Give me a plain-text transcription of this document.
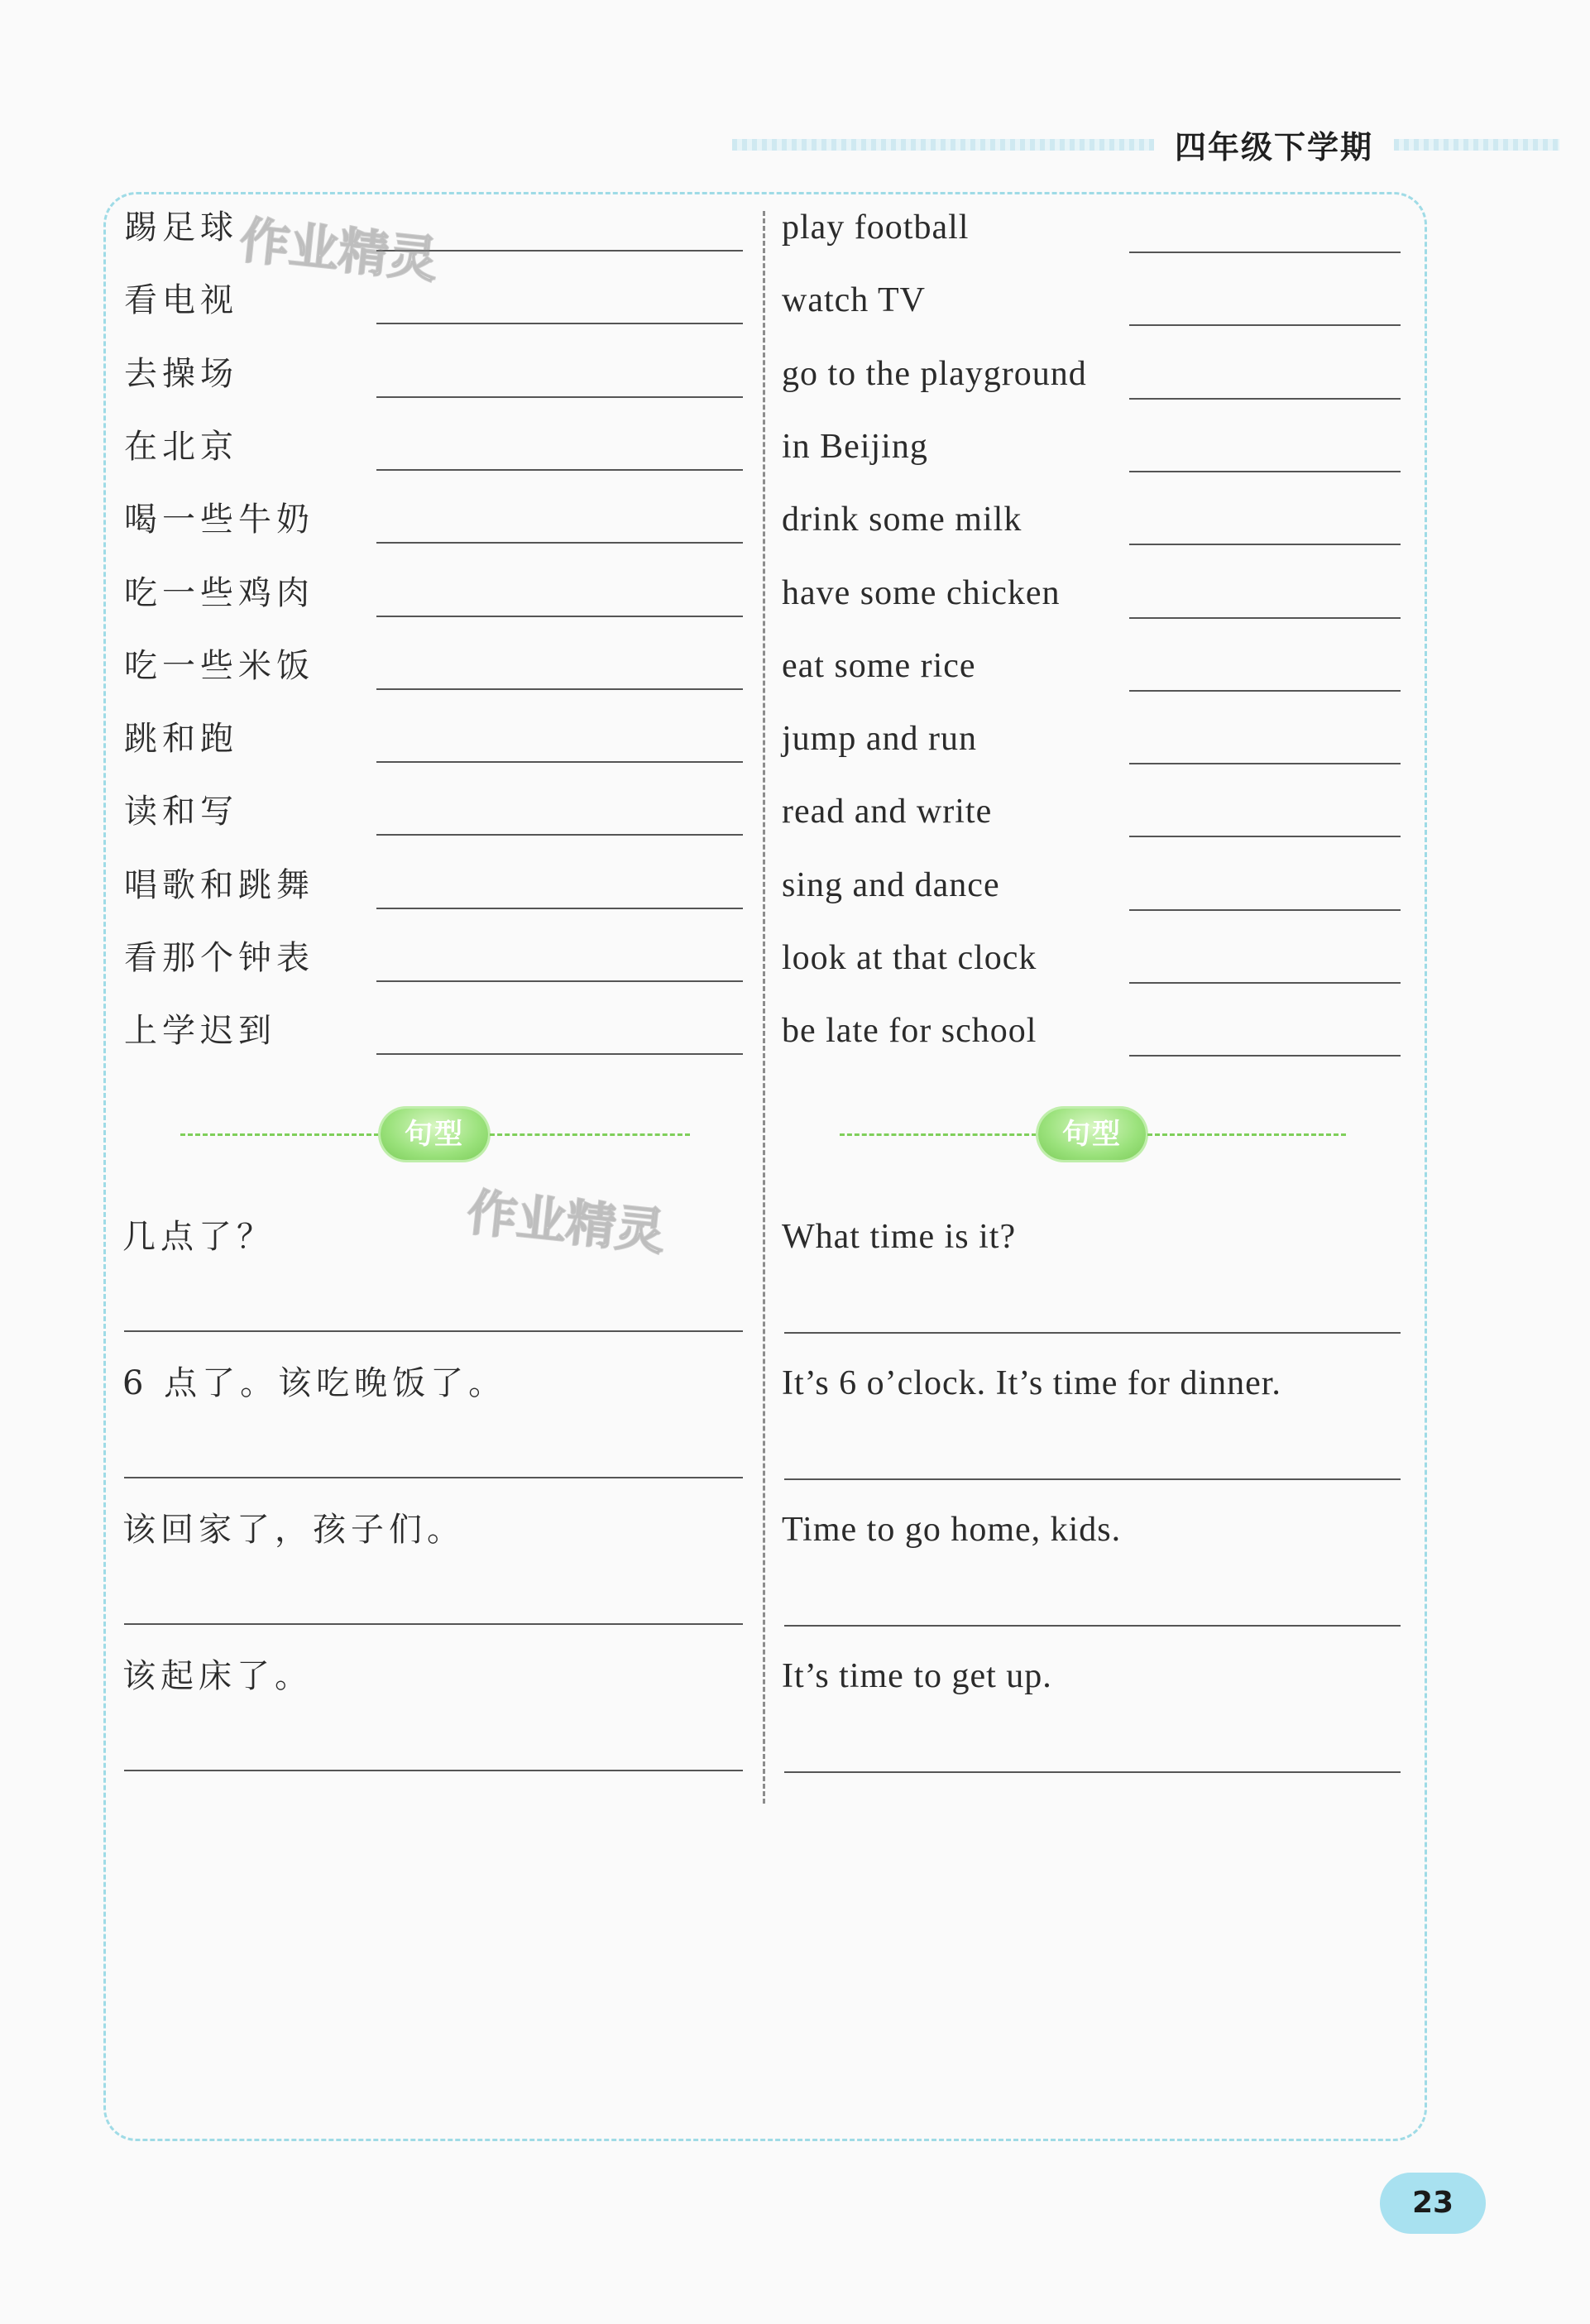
四年级下学期
踢足球	play football
看电视	watch TV
去操场	go to the playground
在北京	in Beijing
喝一些牛奶	drink some milk
吃一些鸡肉	have some chicken
吃一些米饭	eat some rice
跳和跑	jump and run
读和写	read and write
唱歌和跳舞	sing and dance
看那个钟表	look at that clock
上学迟到	be late for school
句型	句型
几点了？	What time is it?
6 点了。该吃晚饭了。	It’s 6 o’clock. It’s time for dinner.
该回家了，孩子们。	Time to go home, kids.
该起床了。	It’s time to get up.
作业精灵
作业精灵
23
